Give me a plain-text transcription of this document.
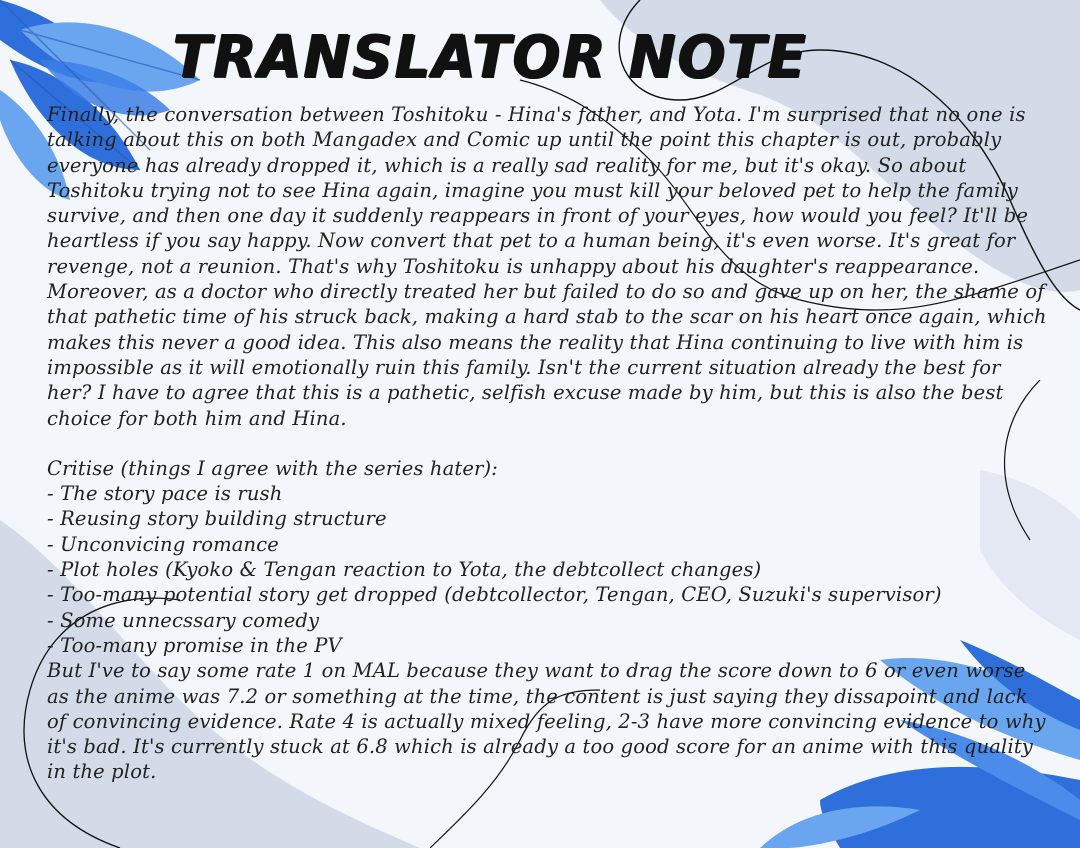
TRANSLATOR NOTE

Finally, the conversation between Toshitoku - Hina's father, and Yota. I'm surprised that no one is talking about this on both Mangadex and Comic up until the point this chapter is out, probably everyone has already dropped it, which is a really sad reality for me, but it's okay. So about Toshitoku trying not to see Hina again, imagine you must kill your beloved pet to help the family survive, and then one day it suddenly reappears in front of your eyes, how would you feel? It'll be heartless if you say happy. Now convert that pet to a human being, it's even worse. It's great for revenge, not a reunion. That's why Toshitoku is unhappy about his daughter's reappearance. Moreover, as a doctor who directly treated her but failed to do so and gave up on her, the shame of that pathetic time of his struck back, making a hard stab to the scar on his heart once again, which makes this never a good idea. This also means the reality that Hina continuing to live with him is impossible as it will emotionally ruin this family. Isn't the current situation already the best for her? I have to agree that this is a pathetic, selfish excuse made by him, but this is also the best choice for both him and Hina.

Critise (things I agree with the series hater):

- The story pace is rush
- Reusing story building structure
- Unconvicing romance
- Plot holes (Kyoko & Tengan reaction to Yota, the debtcollect changes)
- Too-many potential story get dropped (debtcollector, Tengan, CEO, Suzuki's supervisor)
- Some unnecssary comedy
- Too-many promise in the PV

But I've to say some rate 1 on MAL because they want to drag the score down to 6 or even worse as the anime was 7.2 or something at the time, the content is just saying they dissapoint and lack of convincing evidence. Rate 4 is actually mixed feeling, 2-3 have more convincing evidence to why it's bad. It's currently stuck at 6.8 which is already a too good score for an anime with this quality in the plot.
